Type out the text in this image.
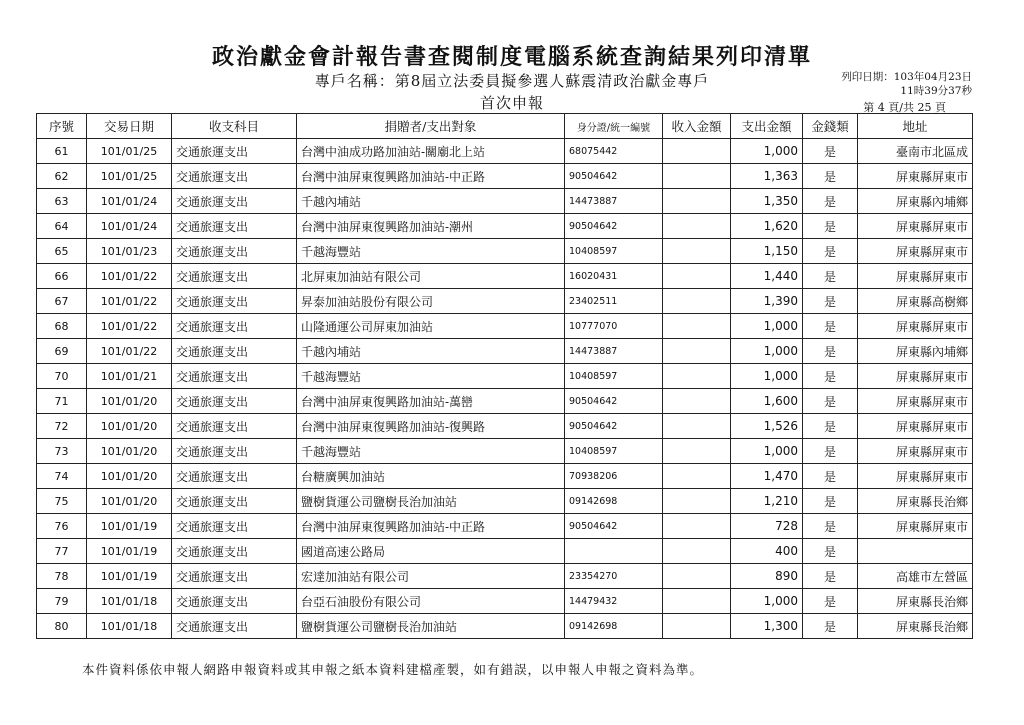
政治獻金會計報告書查閱制度電腦系統查詢結果列印清單
專戶名稱：第8屆立法委員擬參選人蘇震清政治獻金專戶
首次申報
列印日期：103年04月23日
11時39分37秒
第 4 頁/共 25 頁
序號	交易日期	收支科目	捐贈者/支出對象	身分證/統一編號	收入金額	支出金額	金錢類	地址
61	101/01/25	交通旅運支出	台灣中油成功路加油站-關廟北上站	68075442		1,000	是	臺南市北區成
62	101/01/25	交通旅運支出	台灣中油屏東復興路加油站-中正路	90504642		1,363	是	屏東縣屏東市
63	101/01/24	交通旅運支出	千越內埔站	14473887		1,350	是	屏東縣內埔鄉
64	101/01/24	交通旅運支出	台灣中油屏東復興路加油站-潮州	90504642		1,620	是	屏東縣屏東市
65	101/01/23	交通旅運支出	千越海豐站	10408597		1,150	是	屏東縣屏東市
66	101/01/22	交通旅運支出	北屏東加油站有限公司	16020431		1,440	是	屏東縣屏東市
67	101/01/22	交通旅運支出	昇泰加油站股份有限公司	23402511		1,390	是	屏東縣高樹鄉
68	101/01/22	交通旅運支出	山隆通運公司屏東加油站	10777070		1,000	是	屏東縣屏東市
69	101/01/22	交通旅運支出	千越內埔站	14473887		1,000	是	屏東縣內埔鄉
70	101/01/21	交通旅運支出	千越海豐站	10408597		1,000	是	屏東縣屏東市
71	101/01/20	交通旅運支出	台灣中油屏東復興路加油站-萬巒	90504642		1,600	是	屏東縣屏東市
72	101/01/20	交通旅運支出	台灣中油屏東復興路加油站-復興路	90504642		1,526	是	屏東縣屏東市
73	101/01/20	交通旅運支出	千越海豐站	10408597		1,000	是	屏東縣屏東市
74	101/01/20	交通旅運支出	台糖廣興加油站	70938206		1,470	是	屏東縣屏東市
75	101/01/20	交通旅運支出	鹽樹貨運公司鹽樹長治加油站	09142698		1,210	是	屏東縣長治鄉
76	101/01/19	交通旅運支出	台灣中油屏東復興路加油站-中正路	90504642		728	是	屏東縣屏東市
77	101/01/19	交通旅運支出	國道高速公路局			400	是	
78	101/01/19	交通旅運支出	宏達加油站有限公司	23354270		890	是	高雄市左營區
79	101/01/18	交通旅運支出	台亞石油股份有限公司	14479432		1,000	是	屏東縣長治鄉
80	101/01/18	交通旅運支出	鹽樹貨運公司鹽樹長治加油站	09142698		1,300	是	屏東縣長治鄉
本件資料係依申報人網路申報資料或其申報之紙本資料建檔產製，如有錯誤，以申報人申報之資料為準。
